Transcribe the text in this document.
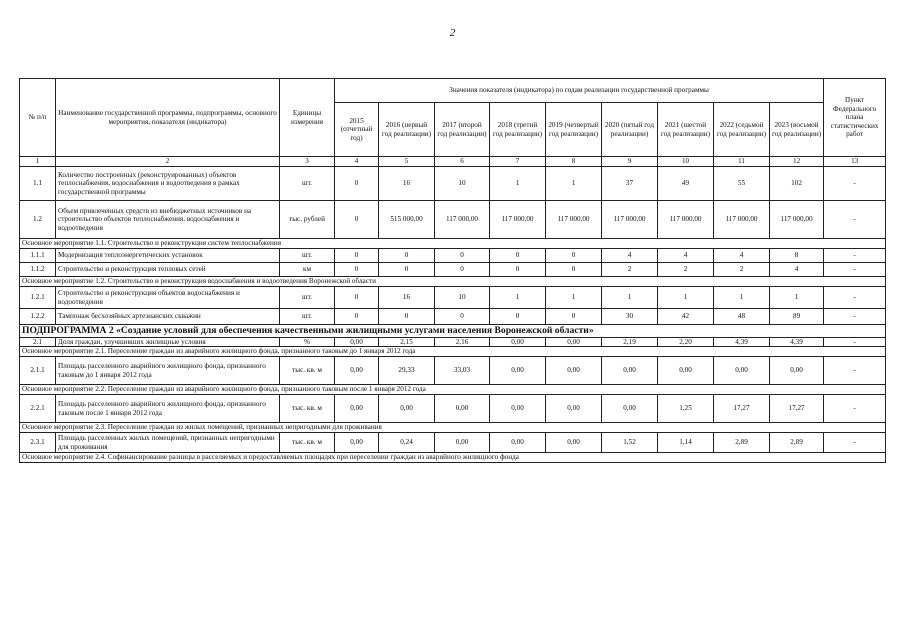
2
№ п/п	Наименование государственной программы, подпрограммы, основного мероприятия, показателя (индикатора)	Единицы измерения	Значения показателя (индикатора) по годам реализации государственной программы									Пункт Федерального плана статистических работ
			2015 (отчетный год)	2016 (первый год реализации)	2017 (второй год реализации)	2018 (третий год реализации)	2019 (четвертый год реализации)	2020 (пятый год реализации)	2021 (шестой год реализации)	2022 (седьмой год реализации)	2023 (восьмой год реализации)	
1	2	3	4	5	6	7	8	9	10	11	12	13
1.1	Количество построенных (реконструированных) объектов теплоснабжения, водоснабжения и водоотведения в рамках государственной программы	шт.	0	16	10	1	1	37	49	55	102	-
1.2	Объем привлеченных средств из внебюджетных источников на строительство объектов теплоснабжения, водоснабжения и водоотведения	тыс. рублей	0	515 000,00	117 000,00	117 000,00	117 000,00	117 000,00	117 000,00	117 000,00	117 000,00	-
Основное мероприятие 1.1. Строительство и реконструкция систем теплоснабжения												
1.1.1	Модернизация теплоэнергетических установок	шт.	0	0	0	0	0	4	4	4	8	-
1.1.2	Строительство и реконструкция тепловых сетей	км	0	0	0	0	0	2	2	2	4	-
Основное мероприятие 1.2. Строительство и реконструкция водоснабжения и водоотведения Воронежской области												
1.2.1	Строительство и реконструкция объектов водоснабжения и водоотведения	шт.	0	16	10	1	1	1	1	1	1	-
1.2.2	Тампонаж бесхозяйных артезианских скважин	шт.	0	0	0	0	0	30	42	48	89	-
ПОДПРОГРАММА 2 «Создание условий для обеспечения качественными жилищными услугами населения Воронежской области»												
2.1	Доля граждан, улучшивших жилищные условия	%	0,00	2,15	2,16	0,00	0,00	2,19	2,20	4,39	4,39	-
Основное мероприятие 2.1. Переселение граждан из аварийного жилищного фонда, признанного таковым до 1 января 2012 года												
2.1.1	Площадь расселенного аварийного жилищного фонда, признанного таковым до 1 января 2012 года	тыс. кв. м	0,00	29,33	33,03	0,00	0,00	0,00	0,00	0,00	0,00	-
Основное мероприятие 2.2. Переселение граждан из аварийного жилищного фонда, признанного таковым после 1 января 2012 года												
2.2.1	Площадь расселенного аварийного жилищного фонда, признанного таковым после 1 января 2012 года	тыс. кв. м	0,00	0,00	0,00	0,00	0,00	0,00	1,25	17,27	17,27	-
Основное мероприятие 2.3. Переселение граждан из жилых помещений, признанных непригодными для проживания												
2.3.1	Площадь расселенных жилых помещений, признанных непригодными для проживания	тыс. кв. м	0,00	0,24	0,00	0,00	0,00	1,52	1,14	2,89	2,89	-
Основное мероприятие 2.4. Софинансирование разницы в расселяемых и предоставляемых площадях при переселении граждан из аварийного жилищного фонда												
